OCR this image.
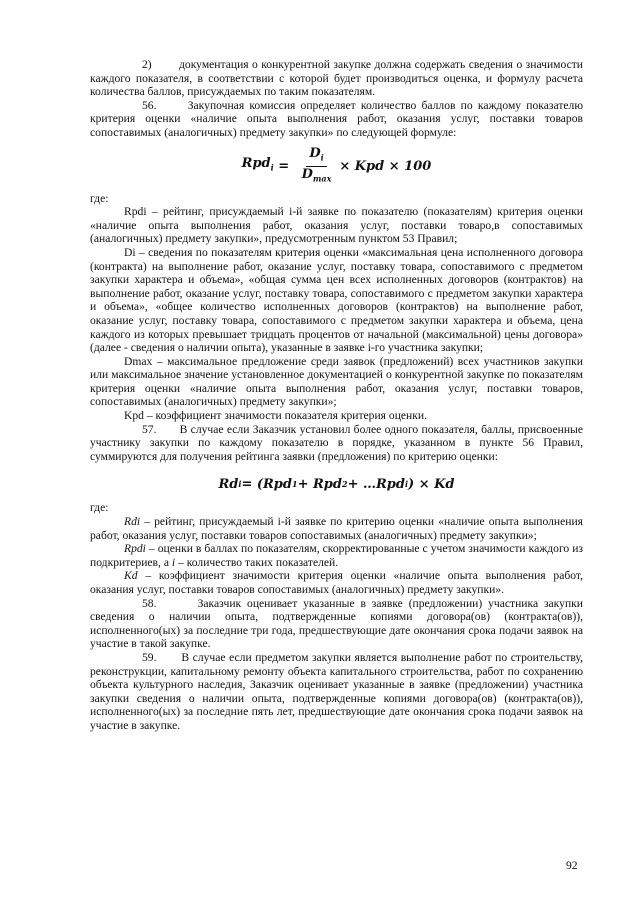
2)        документация о конкурентной закупке должна содержать сведения о значимости каждого показателя, в соответствии с которой будет производиться оценка, и формулу расчета количества баллов, присуждаемых по таким показателям.

56.      Закупочная комиссия определяет количество баллов по каждому показателю критерия оценки «наличие опыта выполнения работ, оказания услуг, поставки товаров сопоставимых (аналогичных) предмету закупки» по следующей формуле:

$Rpd_i = \frac{D_i}{D_{max}}$ × Kpd × 100

где:

Rpdi – рейтинг, присуждаемый i-й заявке по показателю (показателям) критерия оценки «наличие опыта выполнения работ, оказания услуг, поставки товаро,в сопоставимых (аналогичных) предмету закупки», предусмотренным пунктом 53 Правил;

Di – сведения по показателям критерия оценки «максимальная цена исполненного договора (контракта) на выполнение работ, оказание услуг, поставку товара, сопоставимого с предметом закупки характера и объема», «общая сумма цен всех исполненных договоров (контрактов) на выполнение работ, оказание услуг, поставку товара, сопоставимого с предметом закупки характера и объема», «общее количество исполненных договоров (контрактов) на выполнение работ, оказание услуг, поставку товара, сопоставимого с предметом закупки характера и объема, цена каждого из которых превышает тридцать процентов от начальной (максимальной) цены договора» (далее - сведения о наличии опыта), указанные в заявке i-го участника закупки;

Dmax – максимальное предложение среди заявок (предложений) всех участников закупки или максимальное значение установленное документацией о конкурентной закупке по показателям критерия оценки «наличие опыта выполнения работ, оказания услуг, поставки товаров, сопоставимых (аналогичных) предмету закупки»;

Kpd – коэффициент значимости показателя критерия оценки.

57.       В случае если Заказчик установил более одного показателя, баллы, присвоенные участнику закупки по каждому показателю в порядке, указанном в пункте 56 Правил, суммируются для получения рейтинга заявки (предложения) по критерию оценки:

Rd i = (Rpd 1 + Rpd 2 + …Rpd i ) × Kd

где:

Rdi – рейтинг, присуждаемый i-й заявке по критерию оценки «наличие опыта выполнения работ, оказания услуг, поставки товаров сопоставимых (аналогичных) предмету закупки»;

Rpdi – оценки в баллах по показателям, скорректированные с учетом значимости каждого из подкритериев, а i – количество таких показателей.

Kd – коэффициент значимости критерия оценки «наличие опыта выполнения работ, оказания услуг, поставки товаров сопоставимых (аналогичных) предмету закупки».

58.       Заказчик оценивает указанные в заявке (предложении) участника закупки сведения о наличии опыта, подтвержденные копиями договора(ов) (контракта(ов)), исполненного(ых) за последние три года, предшествующие дате окончания срока подачи заявок на участие в такой закупке.

59.       В случае если предметом закупки является выполнение работ по строительству, реконструкции, капитальному ремонту объекта капитального строительства, работ по сохранению объекта культурного наследия, Заказчик оценивает указанные в заявке (предложении) участника закупки сведения о наличии опыта, подтвержденные копиями договора(ов) (контракта(ов)), исполненного(ых) за последние пять лет, предшествующие дате окончания срока подачи заявок на участие в закупке.

92
